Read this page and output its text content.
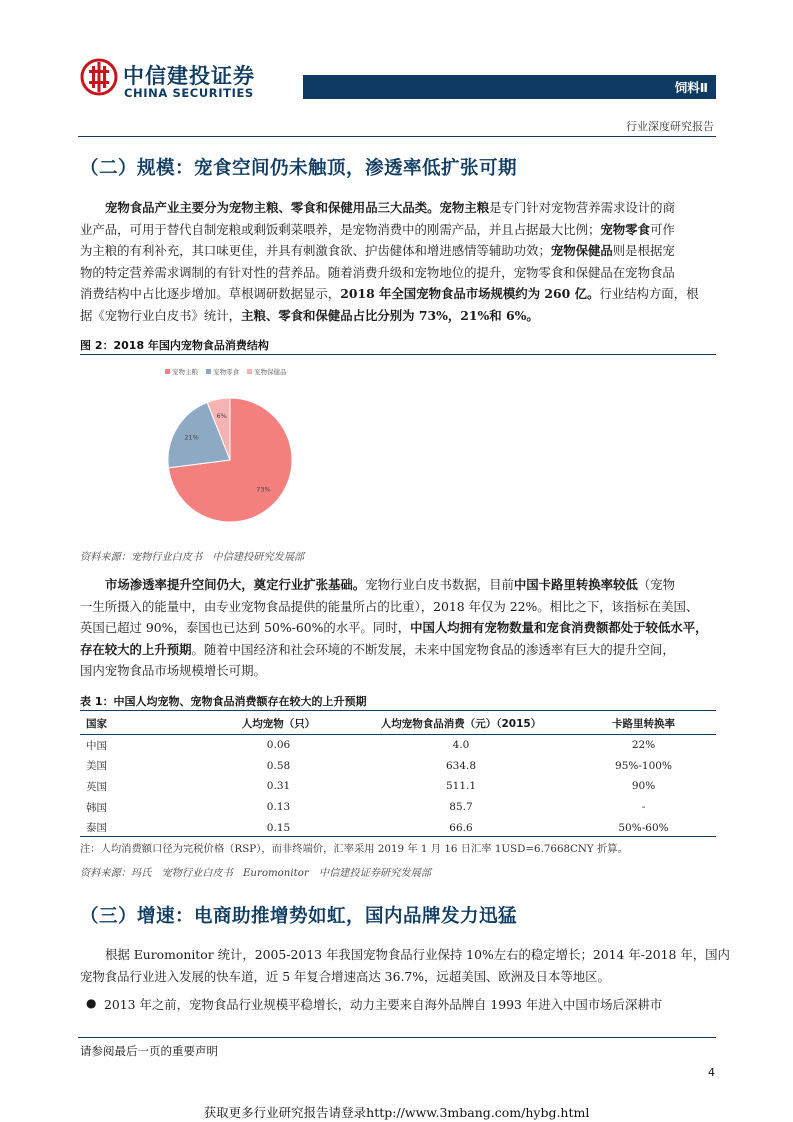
中信建投证券
CHINA SECURITIES	饲料Ⅱ
行业深度研究报告
（二）规模：宠食空间仍未触顶，渗透率低扩张可期
宠物食品产业主要分为宠物主粮、零食和保健用品三大品类。宠物主粮是专门针对宠物营养需求设计的商
业产品，可用于替代自制宠粮或剩饭剩菜喂养，是宠物消费中的刚需产品，并且占据最大比例；宠物零食可作
为主粮的有利补充，其口味更佳，并具有刺激食欲、护齿健体和增进感情等辅助功效；宠物保健品则是根据宠
物的特定营养需求调制的有针对性的营养品。随着消费升级和宠物地位的提升，宠物零食和保健品在宠物食品
消费结构中占比逐步增加。草根调研数据显示，2018 年全国宠物食品市场规模约为 260 亿。行业结构方面，根
据《宠物行业白皮书》统计，主粮、零食和保健品占比分别为 73%，21%和 6%。
图 2：2018 年国内宠物食品消费结构
宠物主粮 宠物零食 宠物保健品
73%
21%
6%
资料来源：宠物行业白皮书　中信建投研究发展部
市场渗透率提升空间仍大，奠定行业扩张基础。宠物行业白皮书数据，目前中国卡路里转换率较低（宠物
一生所摄入的能量中，由专业宠物食品提供的能量所占的比重），2018 年仅为 22%。相比之下，该指标在美国、
英国已超过 90%，泰国也已达到 50%-60%的水平。同时，中国人均拥有宠物数量和宠食消费额都处于较低水平，
存在较大的上升预期。随着中国经济和社会环境的不断发展，未来中国宠物食品的渗透率有巨大的提升空间，
国内宠物食品市场规模增长可期。
表 1：中国人均宠物、宠物食品消费额存在较大的上升预期
国家	人均宠物（只）	人均宠物食品消费（元）（2015）	卡路里转换率
中国	0.06	4.0	22%
美国	0.58	634.8	95%-100%
英国	0.31	511.1	90%
韩国	0.13	85.7	-
泰国	0.15	66.6	50%-60%
注：人均消费额口径为完税价格（RSP），而非终端价，汇率采用 2019 年 1 月 16 日汇率 1USD=6.7668CNY 折算。
资料来源：玛氏　宠物行业白皮书　Euromonitor　中信建投证券研究发展部
（三）增速：电商助推增势如虹，国内品牌发力迅猛
根据 Euromonitor 统计，2005-2013 年我国宠物食品行业保持 10%左右的稳定增长；2014 年-2018 年，国内
宠物食品行业进入发展的快车道，近 5 年复合增速高达 36.7%，远超美国、欧洲及日本等地区。
● 2013 年之前，宠物食品行业规模平稳增长，动力主要来自海外品牌自 1993 年进入中国市场后深耕市
请参阅最后一页的重要声明
4
获取更多行业研究报告请登录http://www.3mbang.com/hybg.html
